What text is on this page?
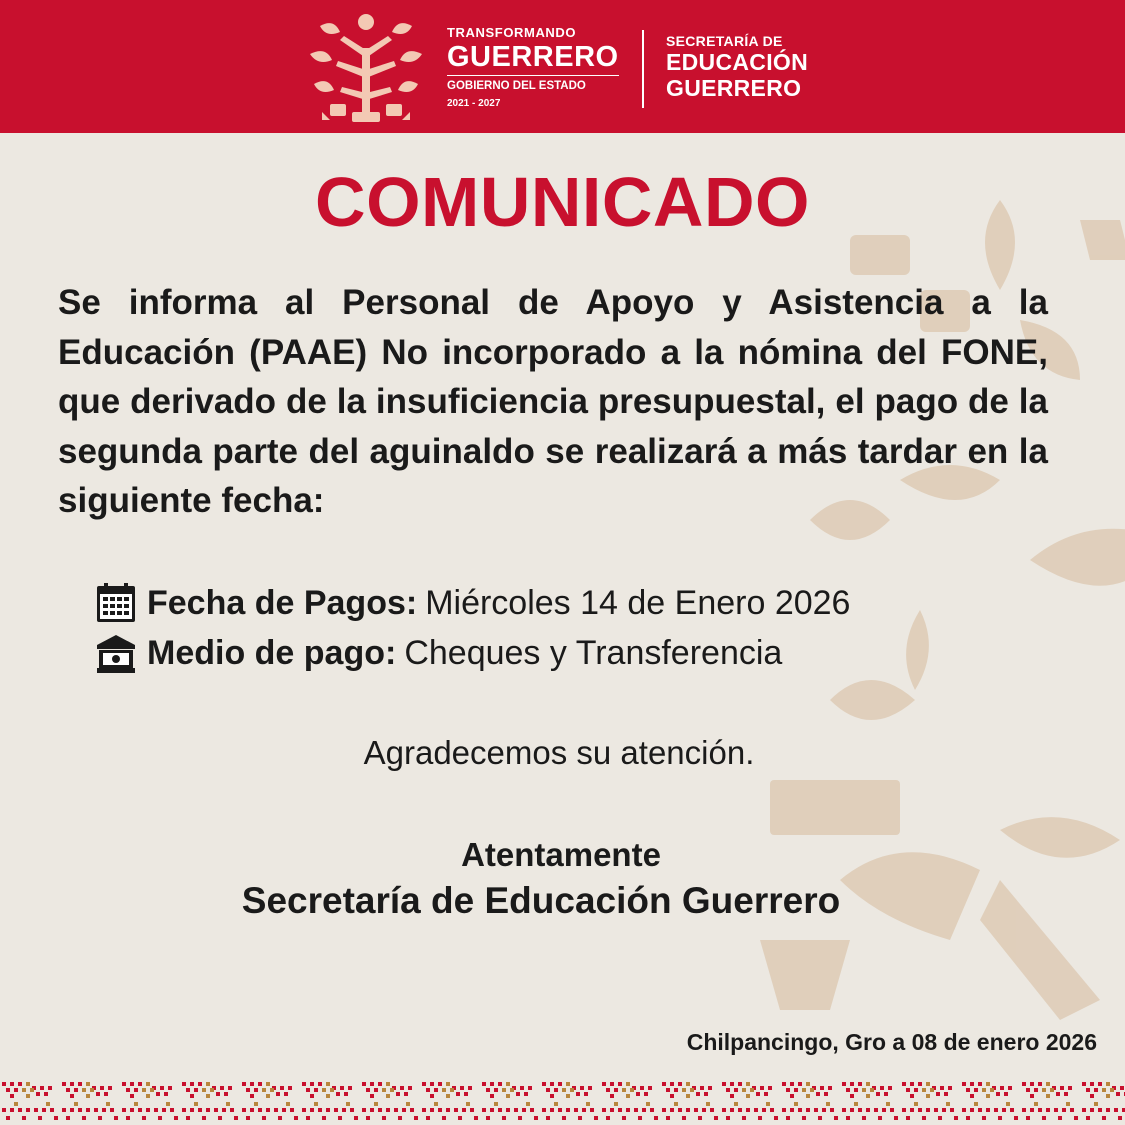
TRANSFORMANDO
GUERRERO
GOBIERNO DEL ESTADO
2021 - 2027
SECRETARÍA DE
EDUCACIÓN
GUERRERO
COMUNICADO
Se informa al Personal de Apoyo y Asistencia a la Educación (PAAE) No incorporado a la nómina del FONE, que derivado de la insuficiencia presupuestal, el pago de la segunda parte del aguinaldo se realizará a más tardar en la siguiente fecha:
Fecha de Pagos: Miércoles 14 de Enero 2026
Medio de pago: Cheques y Transferencia
Agradecemos su atención.
Atentamente
Secretaría de Educación Guerrero
Chilpancingo, Gro a 08 de enero 2026
